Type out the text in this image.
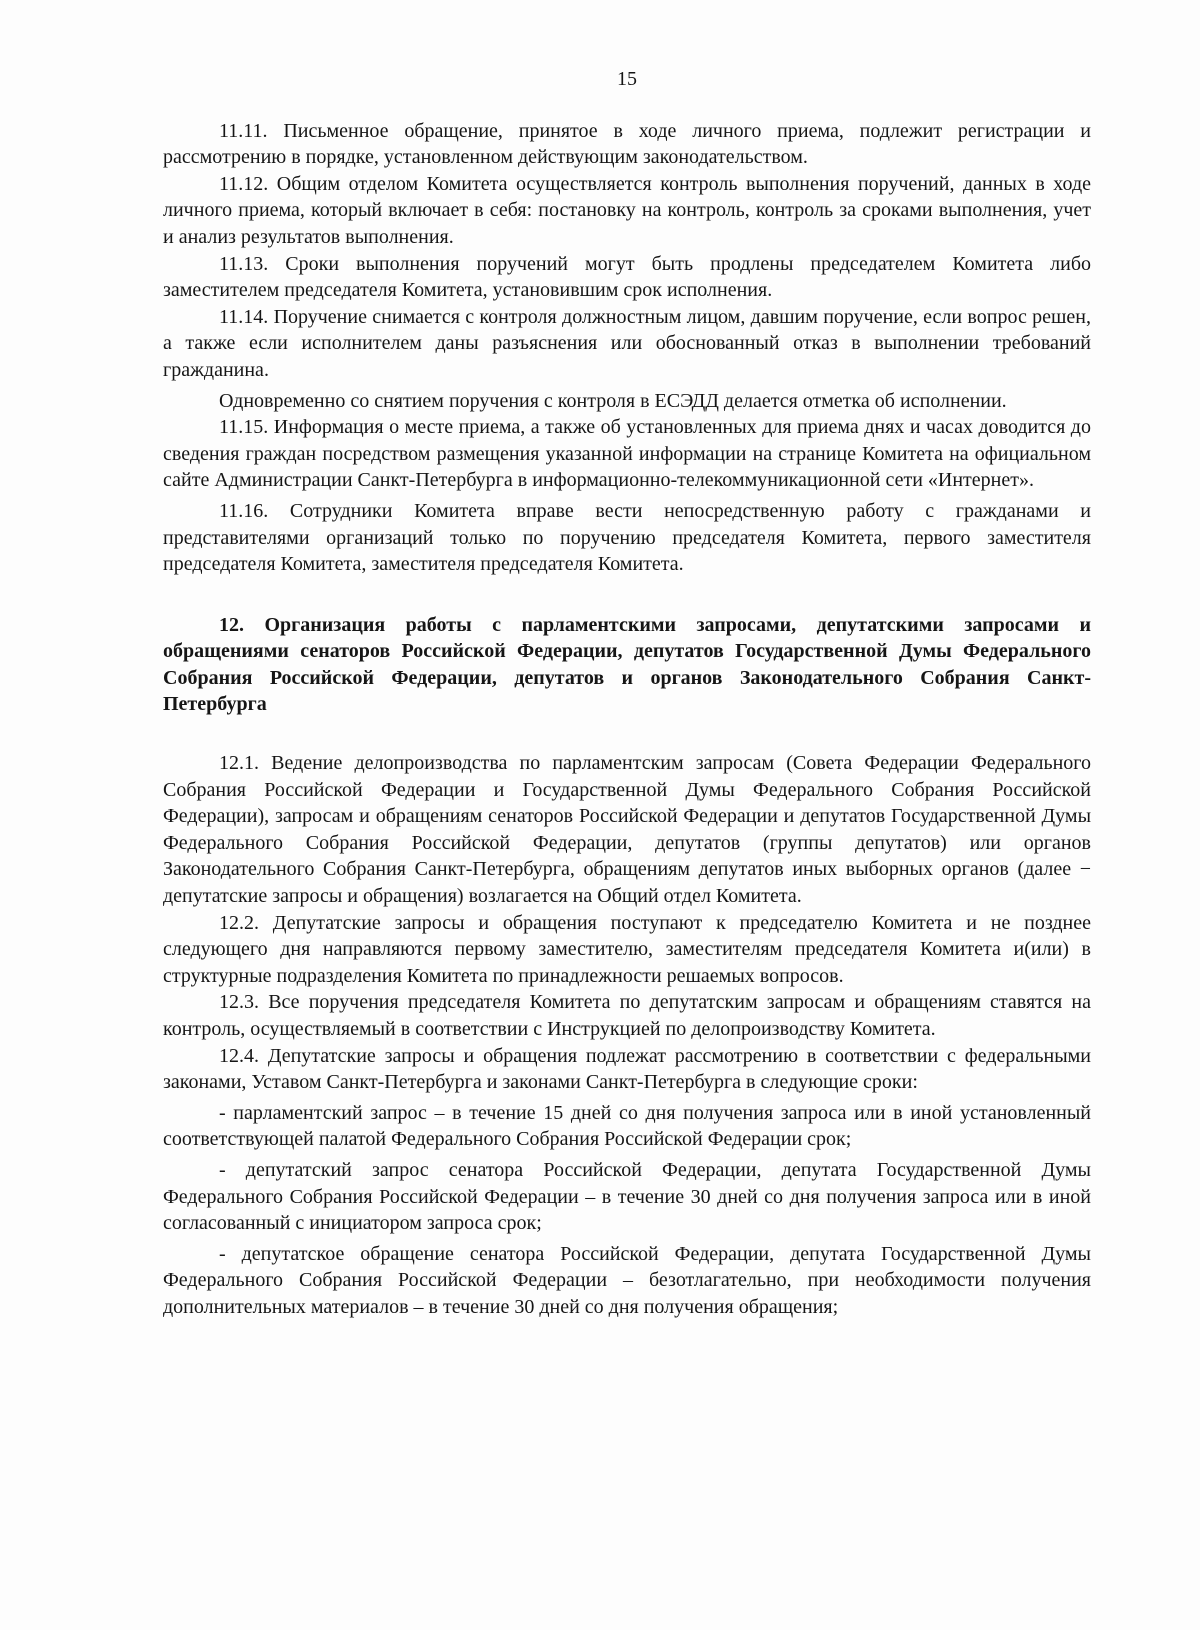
15

11.11. Письменное обращение, принятое в ходе личного приема, подлежит регистрации и рассмотрению в порядке, установленном действующим законодательством.

11.12. Общим отделом Комитета осуществляется контроль выполнения поручений, данных в ходе личного приема, который включает в себя: постановку на контроль, контроль за сроками выполнения, учет и анализ результатов выполнения.

11.13. Сроки выполнения поручений могут быть продлены председателем Комитета либо заместителем председателя Комитета, установившим срок исполнения.

11.14. Поручение снимается с контроля должностным лицом, давшим поручение, если вопрос решен, а также если исполнителем даны разъяснения или обоснованный отказ в выполнении требований гражданина.

Одновременно со снятием поручения с контроля в ЕСЭДД делается отметка об исполнении.

11.15. Информация о месте приема, а также об установленных для приема днях и часах доводится до сведения граждан посредством размещения указанной информации на странице Комитета на официальном сайте Администрации Санкт-Петербурга в информационно-телекоммуникационной сети «Интернет».

11.16. Сотрудники Комитета вправе вести непосредственную работу с гражданами и представителями организаций только по поручению председателя Комитета, первого заместителя председателя Комитета, заместителя председателя Комитета.

12. Организация работы с парламентскими запросами, депутатскими запросами и обращениями сенаторов Российской Федерации, депутатов Государственной Думы Федерального Собрания Российской Федерации, депутатов и органов Законодательного Собрания Санкт-Петербурга

12.1. Ведение делопроизводства по парламентским запросам (Совета Федерации Федерального Собрания Российской Федерации и Государственной Думы Федерального Собрания Российской Федерации), запросам и обращениям сенаторов Российской Федерации и депутатов Государственной Думы Федерального Собрания Российской Федерации, депутатов (группы депутатов) или органов Законодательного Собрания Санкт-Петербурга, обращениям депутатов иных выборных органов (далее − депутатские запросы и обращения) возлагается на Общий отдел Комитета.

12.2. Депутатские запросы и обращения поступают к председателю Комитета и не позднее следующего дня направляются первому заместителю, заместителям председателя Комитета и(или) в структурные подразделения Комитета по принадлежности решаемых вопросов.

12.3. Все поручения председателя Комитета по депутатским запросам и обращениям ставятся на контроль, осуществляемый в соответствии с Инструкцией по делопроизводству Комитета.

12.4. Депутатские запросы и обращения подлежат рассмотрению в соответствии с федеральными законами, Уставом Санкт-Петербурга и законами Санкт-Петербурга в следующие сроки:

- парламентский запрос – в течение 15 дней со дня получения запроса или в иной установленный соответствующей палатой Федерального Собрания Российской Федерации срок;

- депутатский запрос сенатора Российской Федерации, депутата Государственной Думы Федерального Собрания Российской Федерации – в течение 30 дней со дня получения запроса или в иной согласованный с инициатором запроса срок;

- депутатское обращение сенатора Российской Федерации, депутата Государственной Думы Федерального Собрания Российской Федерации – безотлагательно, при необходимости получения дополнительных материалов – в течение 30 дней со дня получения обращения;
